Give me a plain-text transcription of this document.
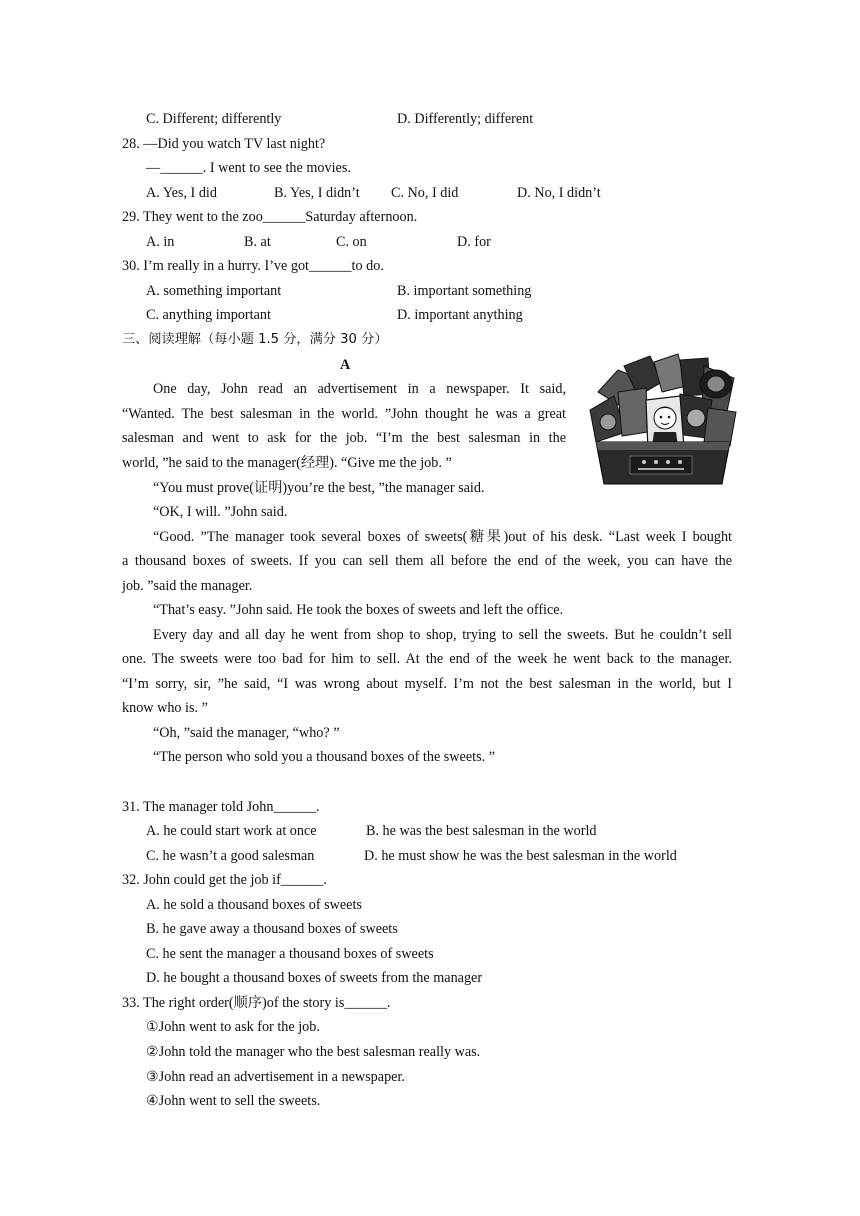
C. Different; differently	D. Differently; different
28. —Did you watch TV last night?
—______. I went to see the movies.
A. Yes, I did	B. Yes, I didn’t C. No, I did	D. No, I didn’t
29. They went to the zoo______Saturday afternoon.
A. in	B. at	C. on	D. for
30. I’m really in a hurry. I’ve got______to do.
A. something important	B. important something
C. anything important	D. important anything
三、阅读理解（每小题 1.5 分，满分 30 分）
A
One day, John read an advertisement in a newspaper. It said,
“Wanted. The best salesman in the world. ”John thought he was a great
salesman and went to ask for the job. “I’m the best salesman in the
world, ”he said to the manager(经理). “Give me the job. ”
“You must prove(证明)you’re the best, ”the manager said.
“OK, I will. ”John said.
“Good. ”The manager took several boxes of sweets(糖果)out of his desk. “Last week I bought
a thousand boxes of sweets. If you can sell them all before the end of the week, you can have the
job. ”said the manager.
“That’s easy. ”John said. He took the boxes of sweets and left the office.
Every day and all day he went from shop to shop, trying to sell the sweets. But he couldn’t sell
one. The sweets were too bad for him to sell. At the end of the week he went back to the manager.
“I’m sorry, sir, ”he said, “I was wrong about myself. I’m not the best salesman in the world, but I
know who is. ”
“Oh, ”said the manager, “who? ”
“The person who sold you a thousand boxes of the sweets. ”
31. The manager told John______.
A. he could start work at once	B. he was the best salesman in the world
C. he wasn’t a good salesman	D. he must show he was the best salesman in the world
32. John could get the job if______.
A. he sold a thousand boxes of sweets
B. he gave away a thousand boxes of sweets
C. he sent the manager a thousand boxes of sweets
D. he bought a thousand boxes of sweets from the manager
33. The right order(顺序)of the story is______.
①John went to ask for the job.
②John told the manager who the best salesman really was.
③John read an advertisement in a newspaper.
④John went to sell the sweets.
